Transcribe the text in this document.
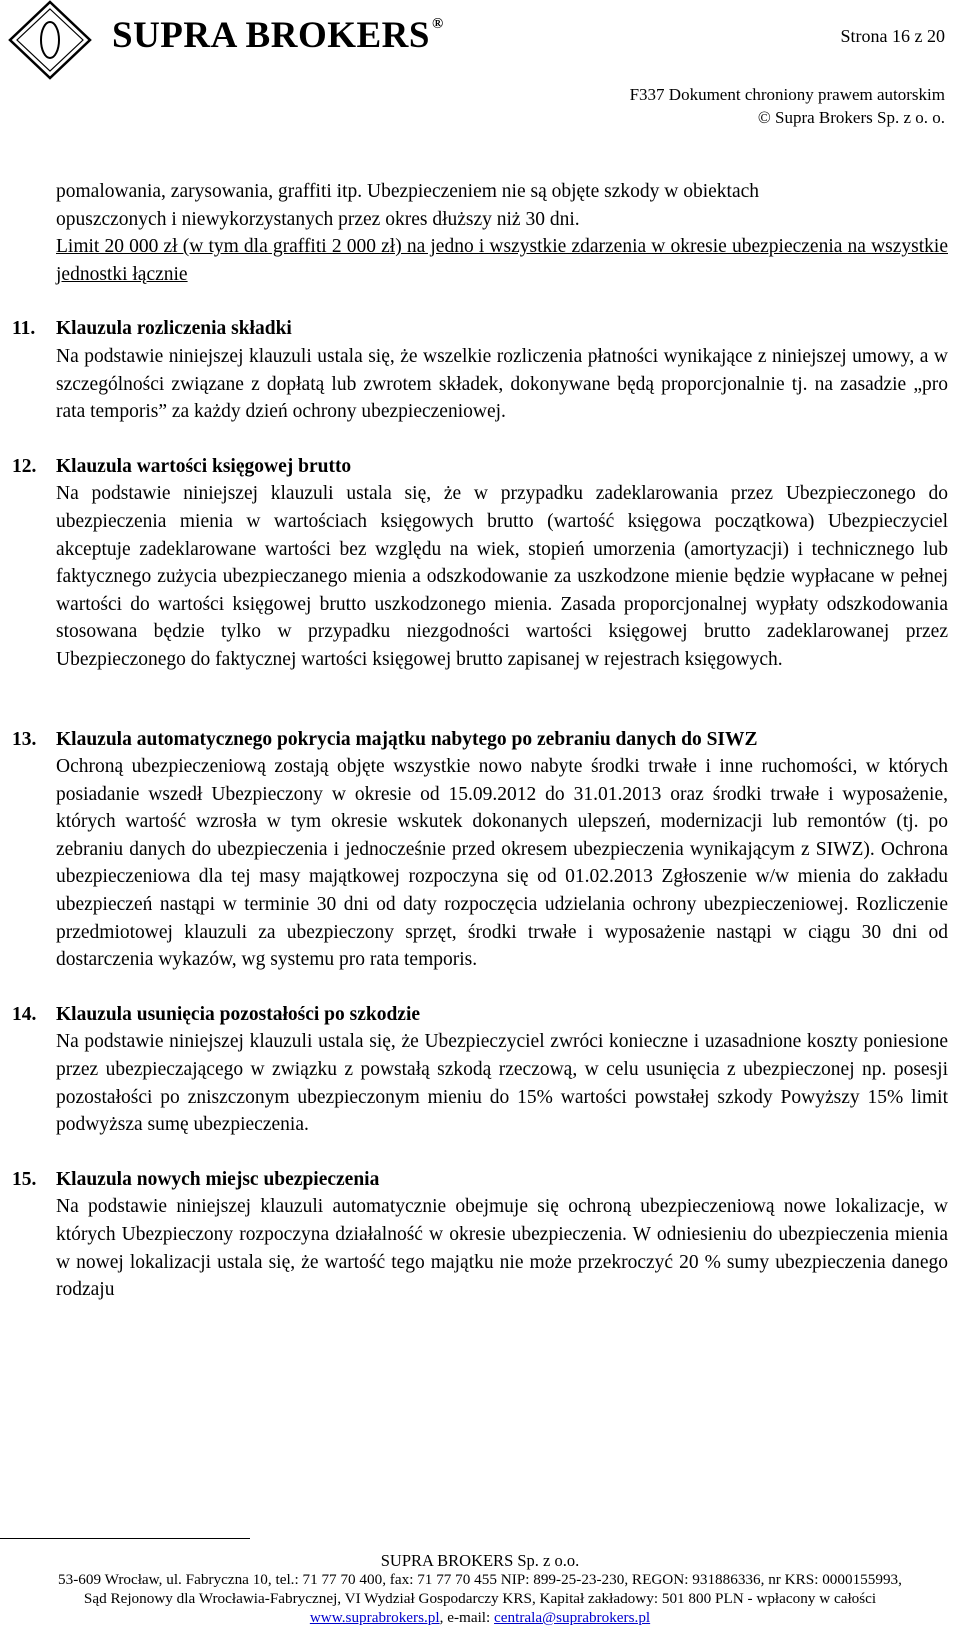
SUPRA BROKERS ®
Strona 16 z 20
F337 Dokument chroniony prawem autorskim
© Supra Brokers Sp. z o. o.

pomalowania, zarysowania, graffiti itp. Ubezpieczeniem nie są objęte szkody w obiektach

opuszczonych i niewykorzystanych przez okres dłuższy niż 30 dni.

Limit 20 000 zł (w tym dla graffiti 2 000 zł) na jedno i wszystkie zdarzenia w okresie ubezpieczenia na wszystkie jednostki łącznie

11. Klauzula rozliczenia składki

Na podstawie niniejszej klauzuli ustala się, że wszelkie rozliczenia płatności wynikające z niniejszej umowy, a w szczególności związane z dopłatą lub zwrotem składek, dokonywane będą proporcjonalnie tj. na zasadzie „pro rata temporis” za każdy dzień ochrony ubezpieczeniowej.

12. Klauzula wartości księgowej brutto

Na podstawie niniejszej klauzuli ustala się, że w przypadku zadeklarowania przez Ubezpieczonego do ubezpieczenia mienia w wartościach księgowych brutto (wartość księgowa początkowa) Ubezpieczyciel akceptuje zadeklarowane wartości bez względu na wiek, stopień umorzenia (amortyzacji) i technicznego lub faktycznego zużycia ubezpieczanego mienia a odszkodowanie za uszkodzone mienie będzie wypłacane w pełnej wartości do wartości księgowej brutto uszkodzonego mienia. Zasada proporcjonalnej wypłaty odszkodowania stosowana będzie tylko w przypadku niezgodności wartości księgowej brutto zadeklarowanej przez Ubezpieczonego do faktycznej wartości księgowej brutto zapisanej w rejestrach księgowych.

13. Klauzula automatycznego pokrycia majątku nabytego po zebraniu danych do SIWZ

Ochroną ubezpieczeniową zostają objęte wszystkie nowo nabyte środki trwałe i inne ruchomości, w których posiadanie wszedł Ubezpieczony w okresie od 15.09.2012 do 31.01.2013 oraz środki trwałe i wyposażenie, których wartość wzrosła w tym okresie wskutek dokonanych ulepszeń, modernizacji lub remontów (tj. po zebraniu danych do ubezpieczenia i jednocześnie przed okresem ubezpieczenia wynikającym z SIWZ). Ochrona ubezpieczeniowa dla tej masy majątkowej rozpoczyna się od 01.02.2013 Zgłoszenie w/w mienia do zakładu ubezpieczeń nastąpi w terminie 30 dni od daty rozpoczęcia udzielania ochrony ubezpieczeniowej. Rozliczenie przedmiotowej klauzuli za ubezpieczony sprzęt, środki trwałe i wyposażenie nastąpi w ciągu 30 dni od dostarczenia wykazów, wg systemu pro rata temporis.

14. Klauzula usunięcia pozostałości po szkodzie

Na podstawie niniejszej klauzuli ustala się, że Ubezpieczyciel zwróci konieczne i uzasadnione koszty poniesione przez ubezpieczającego w związku z powstałą szkodą rzeczową, w celu usunięcia z ubezpieczonej np. posesji pozostałości po zniszczonym ubezpieczonym mieniu do 15% wartości powstałej szkody Powyższy 15% limit podwyższa sumę ubezpieczenia.

15. Klauzula nowych miejsc ubezpieczenia

Na podstawie niniejszej klauzuli automatycznie obejmuje się ochroną ubezpieczeniową nowe lokalizacje, w których Ubezpieczony rozpoczyna działalność w okresie ubezpieczenia. W odniesieniu do ubezpieczenia mienia w nowej lokalizacji ustala się, że wartość tego majątku nie może przekroczyć 20 % sumy ubezpieczenia danego rodzaju

SUPRA BROKERS Sp. z o.o.
53-609 Wrocław, ul. Fabryczna 10, tel.: 71 77 70 400, fax: 71 77 70 455 NIP: 899-25-23-230, REGON: 931886336, nr KRS: 0000155993,
Sąd Rejonowy dla Wrocławia-Fabrycznej, VI Wydział Gospodarczy KRS, Kapitał zakładowy: 501 800 PLN - wpłacony w całości
www.suprabrokers.pl, e-mail: centrala@suprabrokers.pl
